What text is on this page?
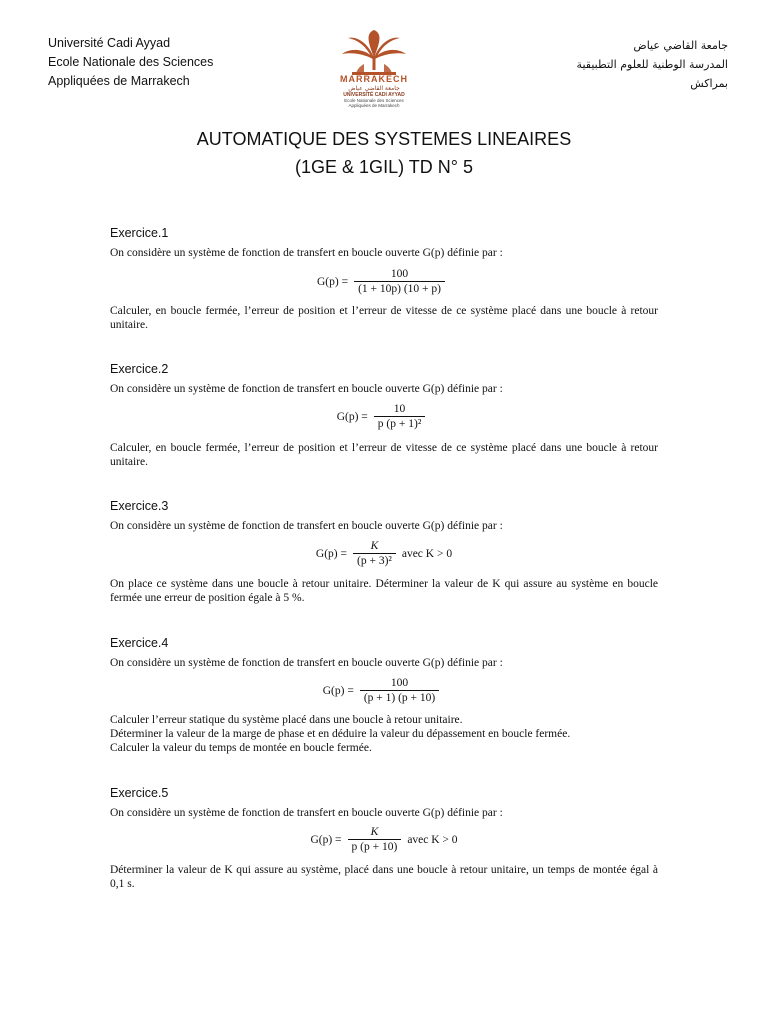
Université Cadi Ayyad
Ecole Nationale des Sciences
Appliquées de Marrakech	MARRAKECH
جامعة القاضي عياض
UNIVERSITÉ CADI AYYAD
Ecole Nationale des Sciences
Appliquées de Marrakech
جامعة القاضي عياض
المدرسة الوطنية للعلوم التطبيقية
بمراكش
AUTOMATIQUE DES SYSTEMES LINEAIRES
(1GE & 1GIL) TD N° 5
Exercice.1
On considère un système de fonction de transfert en boucle ouverte G(p) définie par :
$G(p) = \frac{100}{(1 + 10p) (10 + p)}$
Calculer, en boucle fermée, l’erreur de position et l’erreur de vitesse de ce système placé dans une boucle à retour unitaire.
Exercice.2
On considère un système de fonction de transfert en boucle ouverte G(p) définie par :
$G(p) = \frac{10}{\text{p (p + 1)²}}$
Calculer, en boucle fermée, l’erreur de position et l’erreur de vitesse de ce système placé dans une boucle à retour unitaire.
Exercice.3
On considère un système de fonction de transfert en boucle ouverte G(p) définie par :
$G(p) = \frac{K}{\text{(p + 3)²}}$ avec K > 0
On place ce système dans une boucle à retour unitaire. Déterminer la valeur de K qui assure au système en boucle fermée une erreur de position égale à 5 %.
Exercice.4
On considère un système de fonction de transfert en boucle ouverte G(p) définie par :
$G(p) = \frac{100}{(p + 1) (p + 10)}$
Calculer l’erreur statique du système placé dans une boucle à retour unitaire.
Déterminer la valeur de la marge de phase et en déduire la valeur du dépassement en boucle fermée.
Calculer la valeur du temps de montée en boucle fermée.
Exercice.5
On considère un système de fonction de transfert en boucle ouverte G(p) définie par :
$G(p) = \frac{K}{p (p + 10)}$ avec K > 0
Déterminer la valeur de K qui assure au système, placé dans une boucle à retour unitaire, un temps de montée égal à 0,1 s.
